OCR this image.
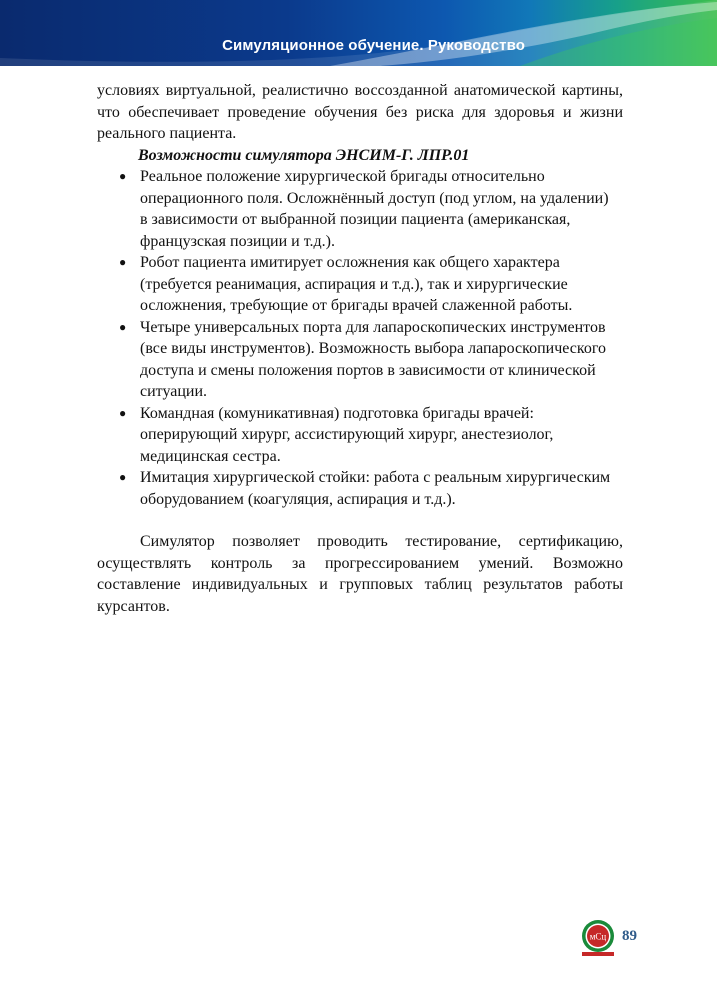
Симуляционное обучение. Руководство

условиях виртуальной, реалистично воссозданной анатомической картины, что обеспечивает проведение обучения без риска для здоровья и жизни реального пациента.

Возможности симулятора ЭНСИМ-Г. ЛПР.01

● Реальное положение хирургической бригады относительно операционного поля. Осложнённый доступ (под углом, на удалении) в зависимости от выбранной позиции пациента (американская, французская позиции и т.д.).
● Робот пациента имитирует осложнения как общего характера (требуется реанимация, аспирация и т.д.), так и хирургические осложнения, требующие от бригады врачей слаженной работы.
● Четыре универсальных порта для лапароскопических инструментов (все виды инструментов). Возможность выбора лапароскопического доступа и смены положения портов в зависимости от клинической ситуации.
● Командная (комуникативная) подготовка бригады врачей: оперирующий хирург, ассистирующий хирург, анестезиолог, медицинская сестра.
● Имитация хирургической стойки: работа с реальным хирургическим оборудованием (коагуляция, аспирация и т.д.).

Симулятор позволяет проводить тестирование, сертификацию, осуществлять контроль за прогрессированием умений. Возможно составление индивидуальных и групповых таблиц результатов работы курсантов.

мСц 89
